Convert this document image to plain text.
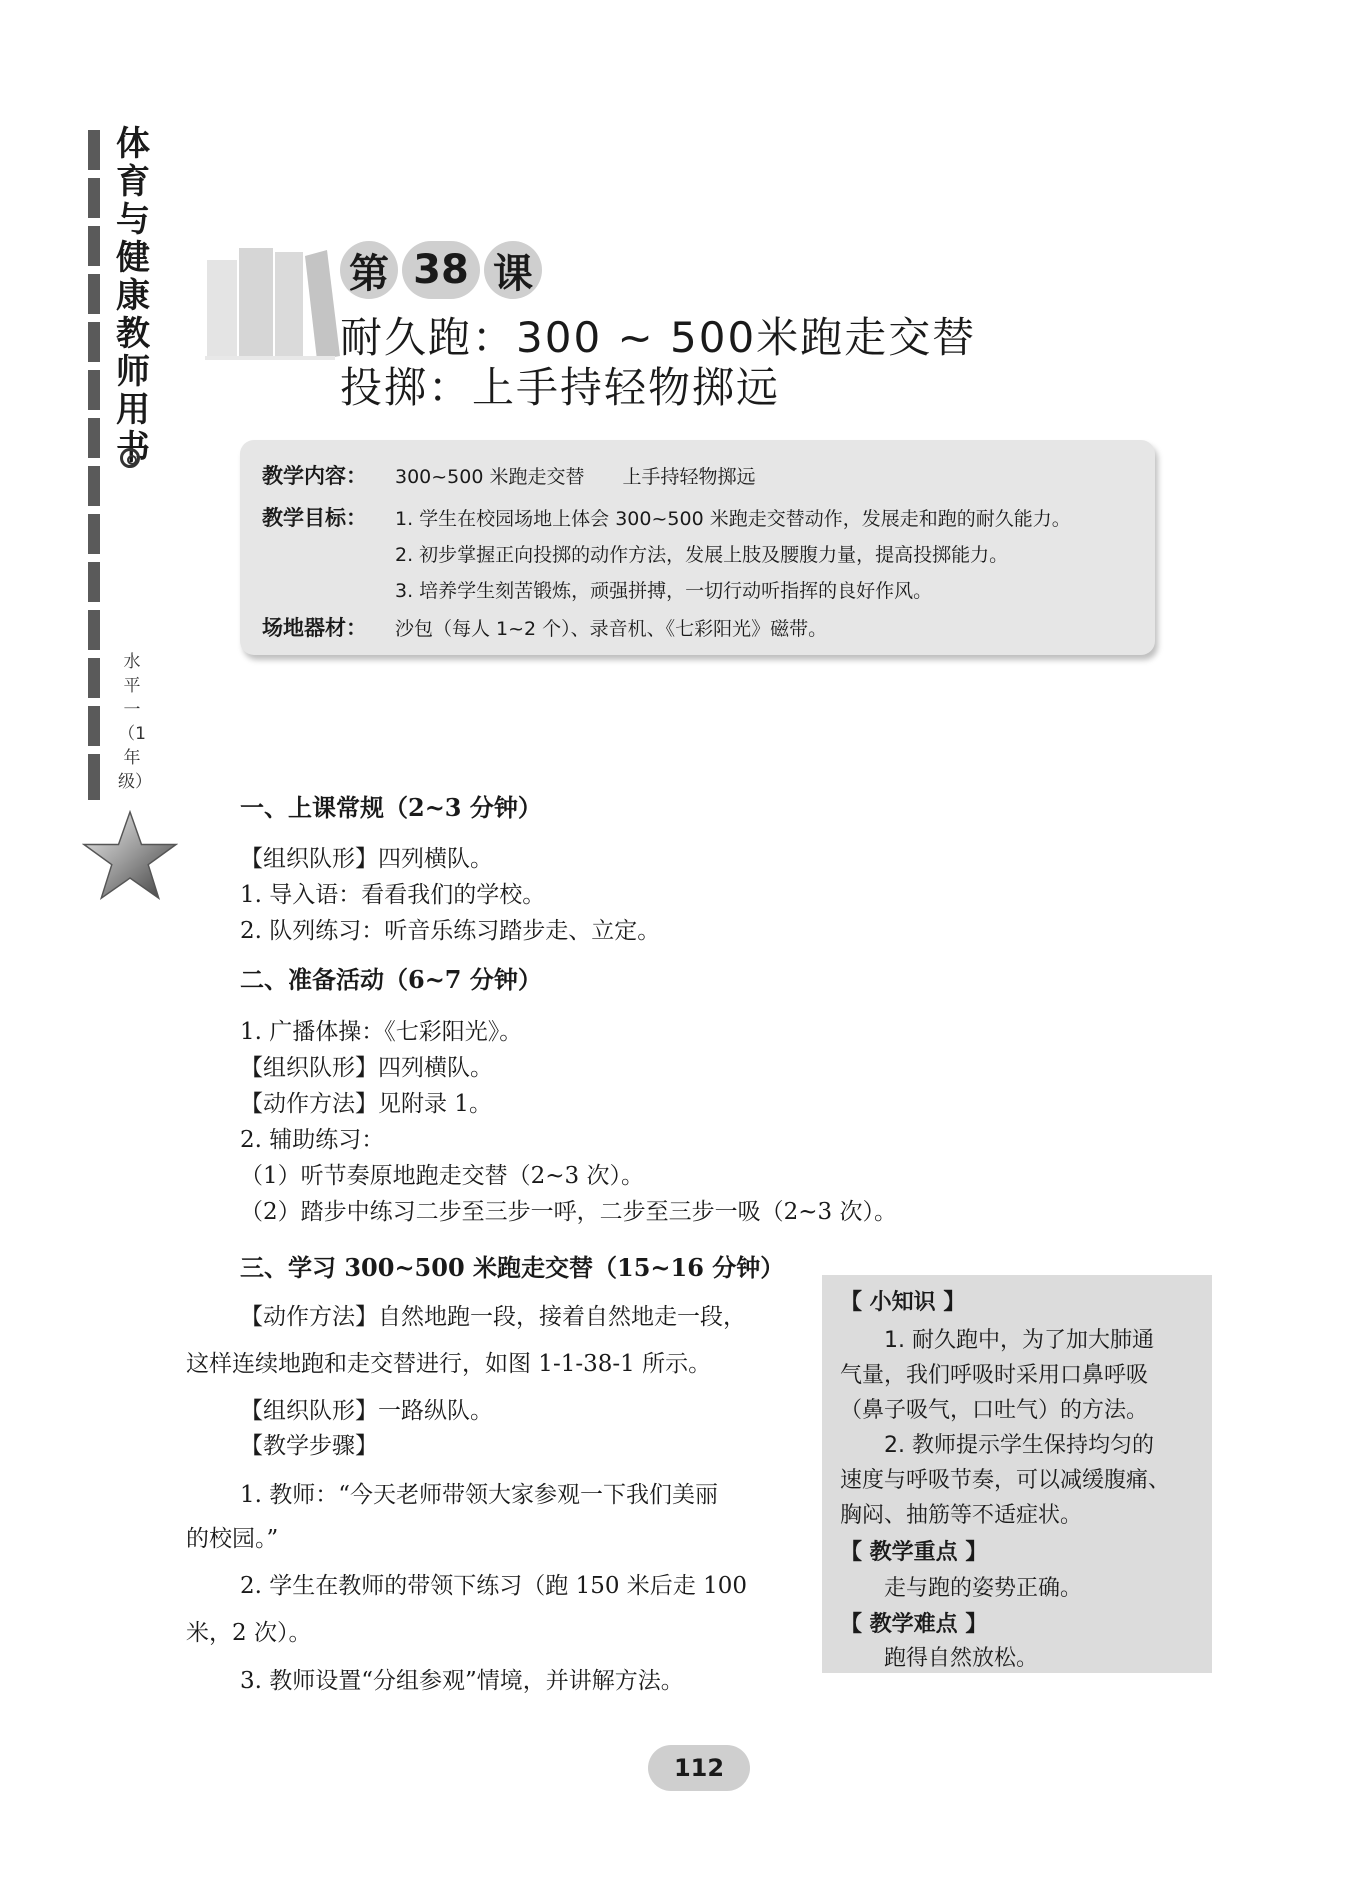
体育与健康教师用书
水平一（1年级）
第 38 课
耐久跑：300 ~ 500米跑走交替
投掷：上手持轻物掷远
教学内容： 300~500 米跑走交替　　上手持轻物掷远
教学目标： 1. 学生在校园场地上体会 300~500 米跑走交替动作，发展走和跑的耐久能力。
2. 初步掌握正向投掷的动作方法，发展上肢及腰腹力量，提高投掷能力。
3. 培养学生刻苦锻炼，顽强拼搏，一切行动听指挥的良好作风。
场地器材： 沙包（每人 1~2 个）、录音机、《七彩阳光》磁带。
一、上课常规（2~3 分钟）
【组织队形】四列横队。
1. 导入语：看看我们的学校。
2. 队列练习：听音乐练习踏步走、立定。
二、准备活动（6~7 分钟）
1. 广播体操：《七彩阳光》。
【组织队形】四列横队。
【动作方法】见附录 1。
2. 辅助练习：
（1）听节奏原地跑走交替（2~3 次）。
（2）踏步中练习二步至三步一呼，二步至三步一吸（2~3 次）。
三、学习 300~500 米跑走交替（15~16 分钟）
【动作方法】自然地跑一段，接着自然地走一段，
这样连续地跑和走交替进行，如图 1-1-38-1 所示。
【组织队形】一路纵队。
【教学步骤】
1. 教师：“今天老师带领大家参观一下我们美丽
的校园。”
2. 学生在教师的带领下练习（跑 150 米后走 100
米，2 次）。
3. 教师设置“分组参观”情境，并讲解方法。
【 小知识 】
1. 耐久跑中，为了加大肺通
气量，我们呼吸时采用口鼻呼吸
（鼻子吸气，口吐气）的方法。
2. 教师提示学生保持均匀的
速度与呼吸节奏，可以减缓腹痛、
胸闷、抽筋等不适症状。
【 教学重点 】
走与跑的姿势正确。
【 教学难点 】
跑得自然放松。
112
